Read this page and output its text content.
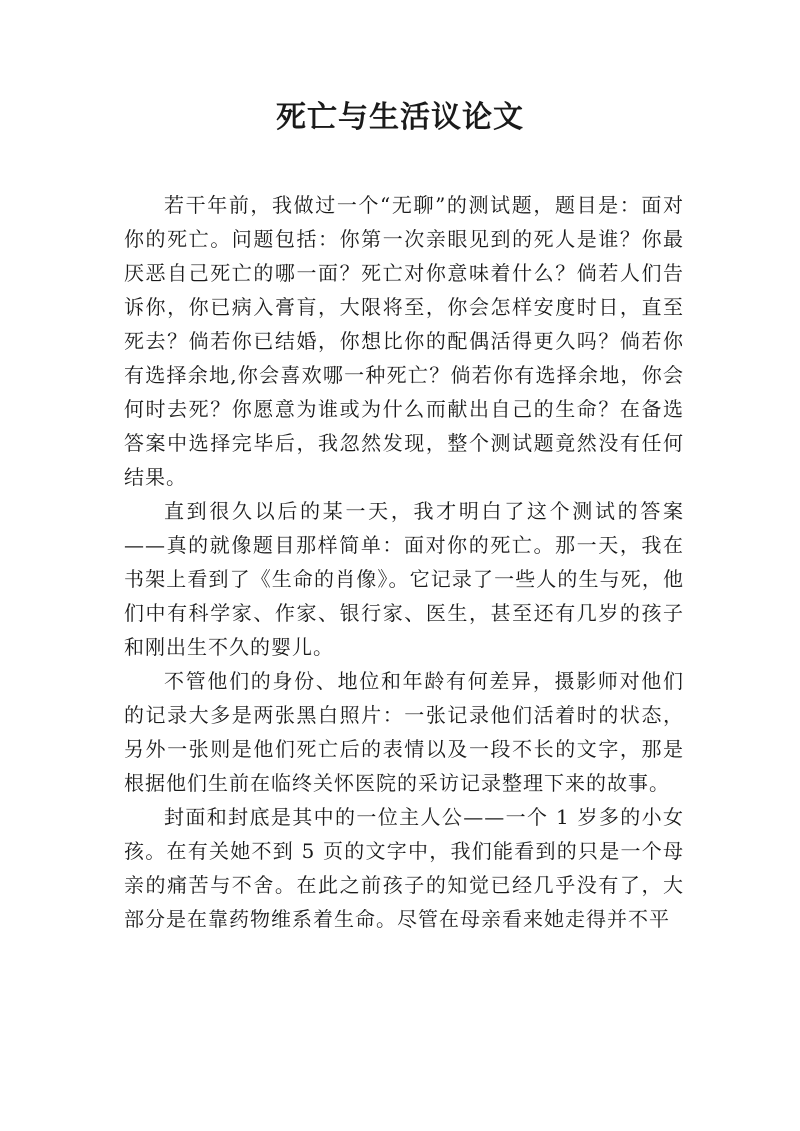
死亡与生活议论文

若干年前，我做过一个“无聊”的测试题，题目是：面对你的死亡。问题包括：你第一次亲眼见到的死人是谁？你最厌恶自己死亡的哪一面？死亡对你意味着什么？倘若人们告诉你，你已病入膏肓，大限将至，你会怎样安度时日，直至死去？倘若你已结婚，你想比你的配偶活得更久吗？倘若你有选择余地,你会喜欢哪一种死亡？倘若你有选择余地，你会何时去死？你愿意为谁或为什么而献出自己的生命？在备选答案中选择完毕后，我忽然发现，整个测试题竟然没有任何结果。

直到很久以后的某一天，我才明白了这个测试的答案——真的就像题目那样简单：面对你的死亡。那一天，我在书架上看到了《生命的肖像》。它记录了一些人的生与死，他们中有科学家、作家、银行家、医生，甚至还有几岁的孩子和刚出生不久的婴儿。

不管他们的身份、地位和年龄有何差异，摄影师对他们的记录大多是两张黑白照片：一张记录他们活着时的状态，另外一张则是他们死亡后的表情以及一段不长的文字，那是根据他们生前在临终关怀医院的采访记录整理下来的故事。

封面和封底是其中的一位主人公——一个 1 岁多的小女孩。在有关她不到 5 页的文字中，我们能看到的只是一个母亲的痛苦与不舍。在此之前孩子的知觉已经几乎没有了，大部分是在靠药物维系着生命。尽管在母亲看来她走得并不平
